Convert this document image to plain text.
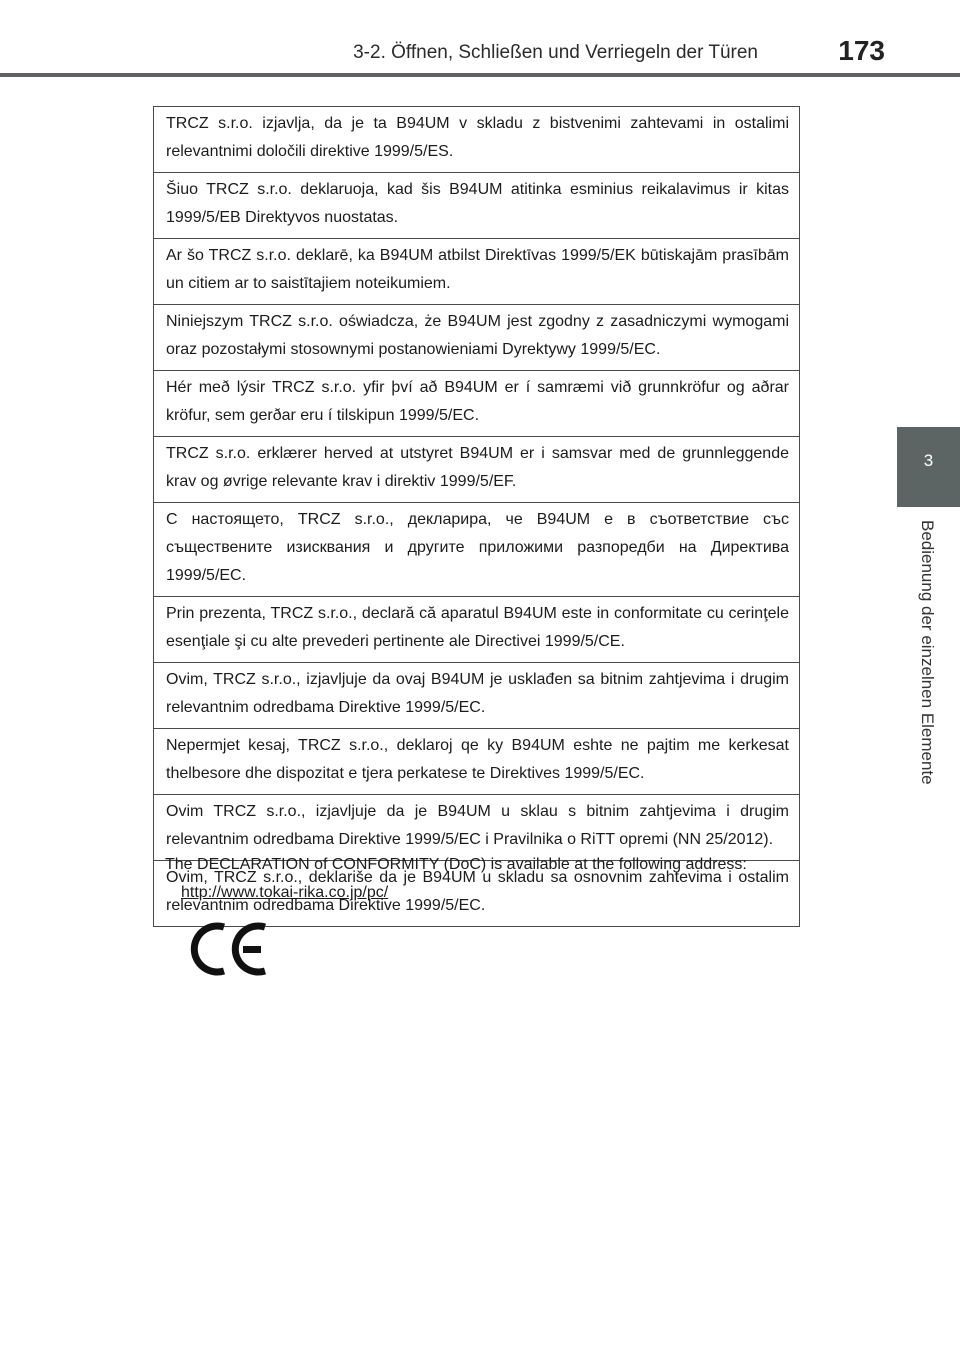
3-2. Öffnen, Schließen und Verriegeln der Türen	173
3
Bedienung der einzelnen Elemente
TRCZ s.r.o. izjavlja, da je ta B94UM v skladu z bistvenimi zahtevami in ostalimi relevantnimi določili direktive 1999/5/ES.
Šiuo TRCZ s.r.o. deklaruoja, kad šis B94UM atitinka esminius reikalavimus ir kitas 1999/5/EB Direktyvos nuostatas.
Ar šo TRCZ s.r.o. deklarē, ka B94UM atbilst Direktīvas 1999/5/EK būtiskajām prasībām un citiem ar to saistītajiem noteikumiem.
Niniejszym TRCZ s.r.o. oświadcza, że B94UM jest zgodny z zasadniczymi wymogami oraz pozostałymi stosownymi postanowieniami Dyrektywy 1999/5/EC.
Hér með lýsir TRCZ s.r.o. yfir því að B94UM er í samræmi við grunnkröfur og aðrar kröfur, sem gerðar eru í tilskipun 1999/5/EC.
TRCZ s.r.o. erklærer herved at utstyret B94UM er i samsvar med de grunnleggende krav og øvrige relevante krav i direktiv 1999/5/EF.
С настоящето, TRCZ s.r.o., декларира, че B94UM е в съответствие със съществените изисквания и другите приложими разпоредби на Директива 1999/5/EC.
Prin prezenta, TRCZ s.r.o., declară că aparatul B94UM este in conformitate cu cerinţele esenţiale şi cu alte prevederi pertinente ale Directivei 1999/5/CE.
Ovim, TRCZ s.r.o., izjavljuje da ovaj B94UM je usklađen sa bitnim zahtjevima i drugim relevantnim odredbama Direktive 1999/5/EC.
Nepermjet kesaj, TRCZ s.r.o., deklaroj qe ky B94UM eshte ne pajtim me kerkesat thelbesore dhe dispozitat e tjera perkatese te Direktives 1999/5/EC.
Ovim TRCZ s.r.o., izjavljuje da je B94UM u sklau s bitnim zahtjevima i drugim relevantnim odredbama Direktive 1999/5/EC i Pravilnika o RiTT opremi (NN 25/2012).
Ovim, TRCZ s.r.o., deklariše da je B94UM u skladu sa osnovnim zahtevima i ostalim relevantnim odredbama Direktive 1999/5/EC.
The DECLARATION of CONFORMITY (DoC) is available at the following address:
http://www.tokai-rika.co.jp/pc/
